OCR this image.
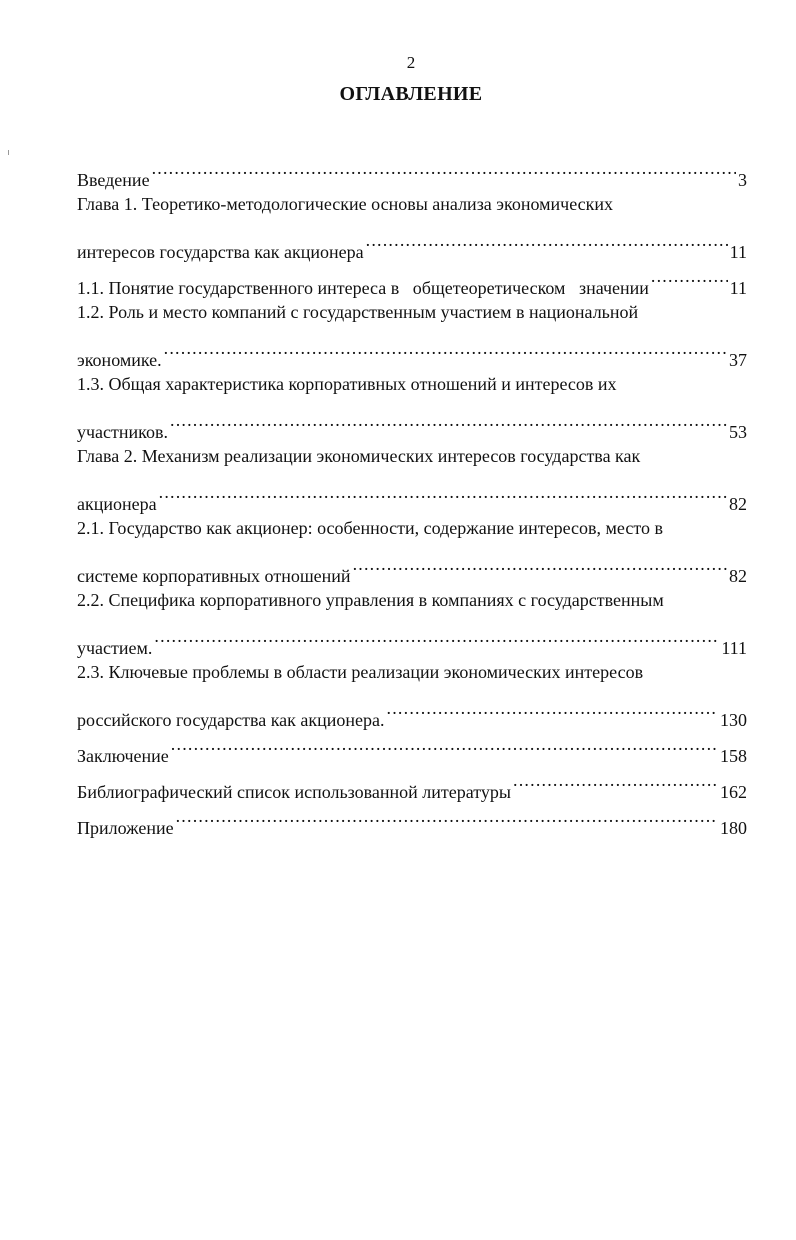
2
ОГЛАВЛЕНИЕ
Введение .....	3
Глава 1. Теоретико-методологические основы анализа экономических
интересов государства как акционера .....	11
1.1. Понятие государственного интереса в   общетеоретическом   значении .....	11
1.2. Роль и место компаний с государственным участием в национальной
экономике. .....	37
1.3. Общая характеристика корпоративных отношений и интересов их
участников. .....	53
Глава 2. Механизм реализации экономических интересов государства как
акционера .....	82
2.1. Государство как акционер: особенности, содержание интересов, место в
системе корпоративных отношений .....	82
2.2. Специфика корпоративного управления в компаниях с государственным
участием. .....	111
2.3. Ключевые проблемы в области реализации экономических интересов
российского государства как акционера. .....	130
Заключение .....	158
Библиографический список использованной литературы .....	162
Приложение .....	180
